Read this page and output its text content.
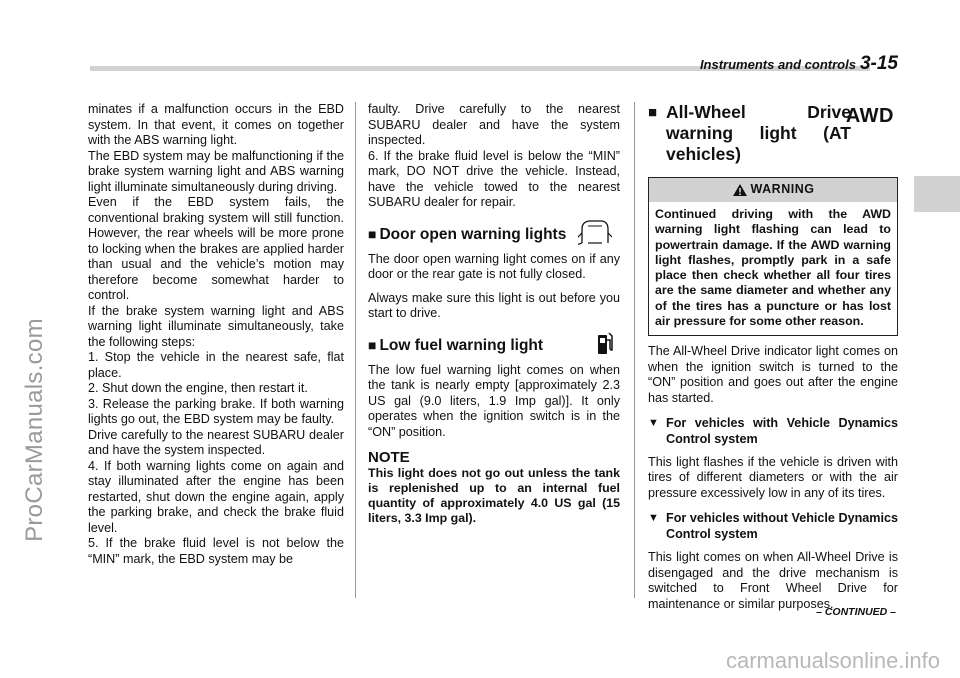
ProCarManuals.com
Instruments and controls 3-15

minates if a malfunction occurs in the EBD system. In that event, it comes on together with the ABS warning light.

The EBD system may be malfunctioning if the brake system warning light and ABS warning light illuminate simultaneously during driving.

Even if the EBD system fails, the conventional braking system will still function. However, the rear wheels will be more prone to locking when the brakes are applied harder than usual and the vehicle’s motion may therefore become somewhat harder to control.

If the brake system warning light and ABS warning light illuminate simultaneously, take the following steps:

1. Stop the vehicle in the nearest safe, flat place.

2. Shut down the engine, then restart it.

3. Release the parking brake. If both warning lights go out, the EBD system may be faulty.

Drive carefully to the nearest SUBARU dealer and have the system inspected.

4. If both warning lights come on again and stay illuminated after the engine has been restarted, shut down the engine again, apply the parking brake, and check the brake fluid level.

5. If the brake fluid level is not below the “MIN” mark, the EBD system may be

faulty. Drive carefully to the nearest SUBARU dealer and have the system inspected.

6. If the brake fluid level is below the “MIN” mark, DO NOT drive the vehicle. Instead, have the vehicle towed to the nearest SUBARU dealer for repair.

■ Door open warning lights

The door open warning light comes on if any door or the rear gate is not fully closed.

Always make sure this light is out before you start to drive.

■ Low fuel warning light

The low fuel warning light comes on when the tank is nearly empty [approximately 2.3 US gal (9.0 liters, 1.9 Imp gal)]. It only operates when the ignition switch is in the “ON” position.

NOTE
This light does not go out unless the tank is replenished up to an internal fuel quantity of approximately 4.0 US gal (15 liters, 3.3 Imp gal).
■ All-Wheel Drive warning light (AT vehicles)
AWD
WARNING
Continued driving with the AWD warning light flashing can lead to powertrain damage. If the AWD warning light flashes, promptly park in a safe place then check whether all four tires are the same diameter and whether any of the tires has a puncture or has lost air pressure for some other reason.

The All-Wheel Drive indicator light comes on when the ignition switch is turned to the “ON” position and goes out after the engine has started.

▼ For vehicles with Vehicle Dynamics Control system

This light flashes if the vehicle is driven with tires of different diameters or with the air pressure excessively low in any of its tires.

▼ For vehicles without Vehicle Dynamics Control system

This light comes on when All-Wheel Drive is disengaged and the drive mechanism is switched to Front Wheel Drive for maintenance or similar purposes.

– CONTINUED –
carmanualsonline.info
